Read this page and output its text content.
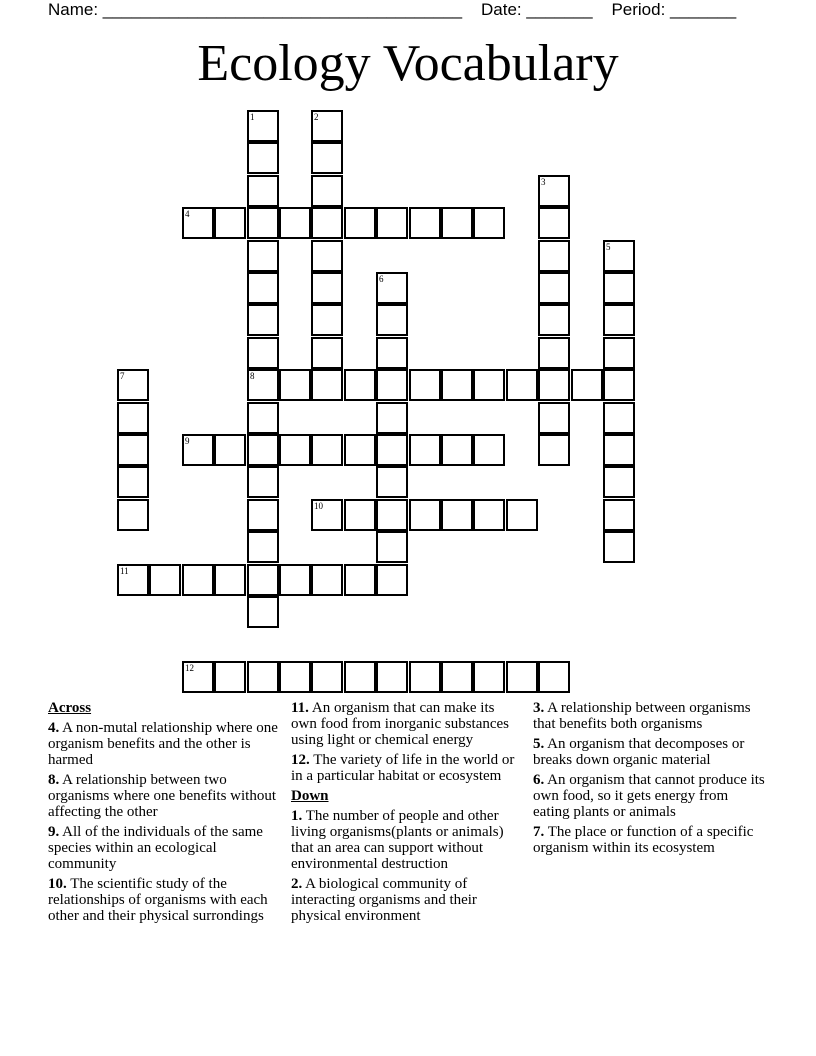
Name: ______________________________________ Date: _______ Period: _______
Ecology Vocabulary
1
8
2
3
4
5
6
7
9
10
11
12
Across
4. A non-mutal relationship where one organism benefits and the other is harmed
8. A relationship between two organisms where one benefits without affecting the other
9. All of the individuals of the same species within an ecological community
10. The scientific study of the relationships of organisms with each other and their physical surrondings
11. An organism that can make its own food from inorganic substances using light or chemical energy
12. The variety of life in the world or in a particular habitat or ecosystem
Down
1. The number of people and other living organisms(plants or animals) that an area can support without environmental destruction
2. A biological community of interacting organisms and their physical environment
3. A relationship between organisms that benefits both organisms
5. An organism that decomposes or breaks down organic material
6. An organism that cannot produce its own food, so it gets energy from eating plants or animals
7. The place or function of a specific organism within its ecosystem
